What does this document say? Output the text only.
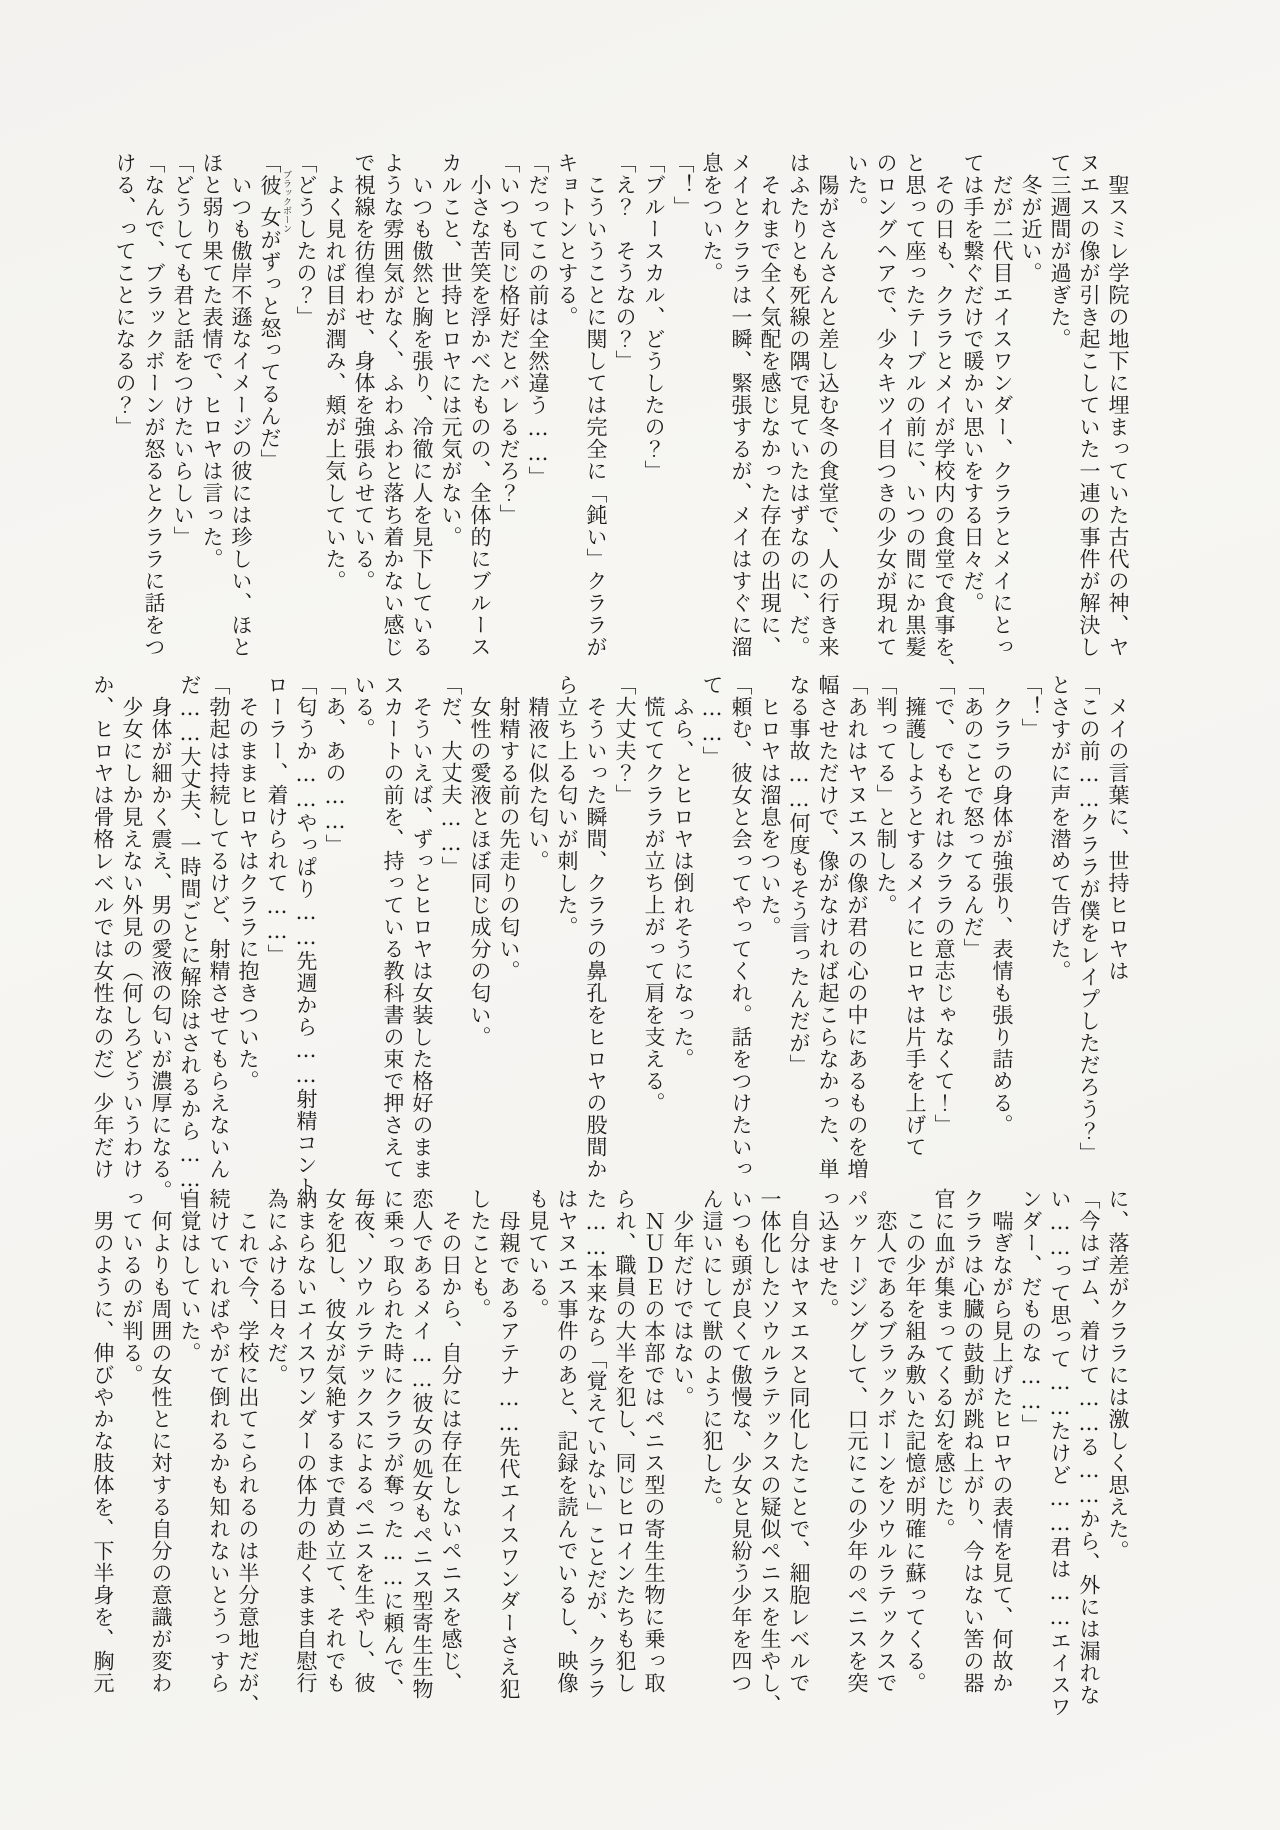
　聖スミレ学院の地下に埋まっていた古代の神、ヤ

ヌエスの像が引き起こしていた一連の事件が解決し

て三週間が過ぎた。

　冬が近い。

　だが二代目エイスワンダー、クララとメイにとっ

ては手を繋ぐだけで暖かい思いをする日々だ。

　その日も、クララとメイが学校内の食堂で食事を、

と思って座ったテーブルの前に、いつの間にか黒髪

のロングヘアで、少々キツイ目つきの少女が現れて

いた。

　陽がさんさんと差し込む冬の食堂で、人の行き来

はふたりとも死線の隅で見ていたはずなのに、だ。

　それまで全く気配を感じなかった存在の出現に、

メイとクララは一瞬、緊張するが、メイはすぐに溜

息をついた。

「！」

「ブルースカル、どうしたの？」

「え？　そうなの？」

　こういうことに関しては完全に「鈍い」クララが

キョトンとする。

「だってこの前は全然違う……」

「いつも同じ格好だとバレるだろ？」

　小さな苦笑を浮かべたものの、全体的にブルース

カルこと、世持ヒロヤには元気がない。

　いつも傲然と胸を張り、冷徹に人を見下している

ような雰囲気がなく、ふわふわと落ち着かない感じ

で視線を彷徨わせ、身体を強張らせている。

　よく見れば目が潤み、頬が上気していた。

「どうしたの？」

「彼女 ブラックボーンがずっと怒ってるんだ」

　いつも傲岸不遜なイメージの彼には珍しい、ほと

ほと弱り果てた表情で、ヒロヤは言った。

「どうしても君と話をつけたいらしい」

「なんで、ブラックボーンが怒るとクララに話をつ

ける、ってことになるの？」

　メイの言葉に、世持ヒロヤは

「この前……クララが僕をレイプしただろう？」

とさすがに声を潜めて告げた。

「！」

　クララの身体が強張り、表情も張り詰める。

「あのことで怒ってるんだ」

「で、でもそれはクララの意志じゃなくて！」

　擁護しようとするメイにヒロヤは片手を上げて

「判ってる」と制した。

「あれはヤヌエスの像が君の心の中にあるものを増

幅させただけで、像がなければ起こらなかった、単

なる事故……何度もそう言ったんだが」

　ヒロヤは溜息をついた。

「頼む、彼女と会ってやってくれ。話をつけたいっ

て……」

　ふら、とヒロヤは倒れそうになった。

　慌ててクララが立ち上がって肩を支える。

「大丈夫？」

　そういった瞬間、クララの鼻孔をヒロヤの股間か

ら立ち上る匂いが刺した。

　精液に似た匂い。

　射精する前の先走りの匂い。

　女性の愛液とほぼ同じ成分の匂い。

「だ、大丈夫……」

　そういえば、ずっとヒロヤは女装した格好のまま

スカートの前を、持っている教科書の束で押さえて

いる。

「あ、あの……」

「匂うか……やっぱり……先週から……射精コント

ローラー、着けられて……」

　そのままヒロヤはクララに抱きついた。

「勃起は持続してるけど、射精させてもらえないん

だ……大丈夫、一時間ごとに解除はされるから……」

　身体が細かく震え、男の愛液の匂いが濃厚になる。

　少女にしか見えない外見の（何しろどういうわけ

か、ヒロヤは骨格レベルでは女性なのだ）少年だけ

に、落差がクララには激しく思えた。

「今はゴム、着けて……る……から、外には漏れな

い……って思って……たけど……君は……エイスワ

ンダー、だものな……」

　喘ぎながら見上げたヒロヤの表情を見て、何故か

クララは心臓の鼓動が跳ね上がり、今はない筈の器

官に血が集まってくる幻を感じた。

　この少年を組み敷いた記憶が明確に蘇ってくる。

　恋人であるブラックボーンをソウルラテックスで

パッケージングして、口元にこの少年のペニスを突

っ込ませた。

　自分はヤヌエスと同化したことで、細胞レベルで

一体化したソウルラテックスの疑似ペニスを生やし、

いつも頭が良くて傲慢な、少女と見紛う少年を四つ

ん這いにして獣のように犯した。

　少年だけではない。

　ＮＵＤＥの本部ではペニス型の寄生生物に乗っ取

られ、職員の大半を犯し、同じヒロインたちも犯し

た……本来なら「覚えていない」ことだが、クララ

はヤヌエス事件のあと、記録を読んでいるし、映像

も見ている。

　母親であるアテナ……先代エイスワンダーさえ犯

したことも。

　その日から、自分には存在しないペニスを感じ、

恋人であるメイ……彼女の処女もペニス型寄生生物

に乗っ取られた時にクララが奪った……に頼んで、

毎夜、ソウルラテックスによるペニスを生やし、彼

女を犯し、彼女が気絶するまで責め立て、それでも

納まらないエイスワンダーの体力の赴くまま自慰行

為にふける日々だ。

　これで今、学校に出てこられるのは半分意地だが、

続けていればやがて倒れるかも知れないとうっすら

自覚はしていた。

　何よりも周囲の女性とに対する自分の意識が変わ

っているのが判る。

　男のように、伸びやかな肢体を、下半身を、胸元
